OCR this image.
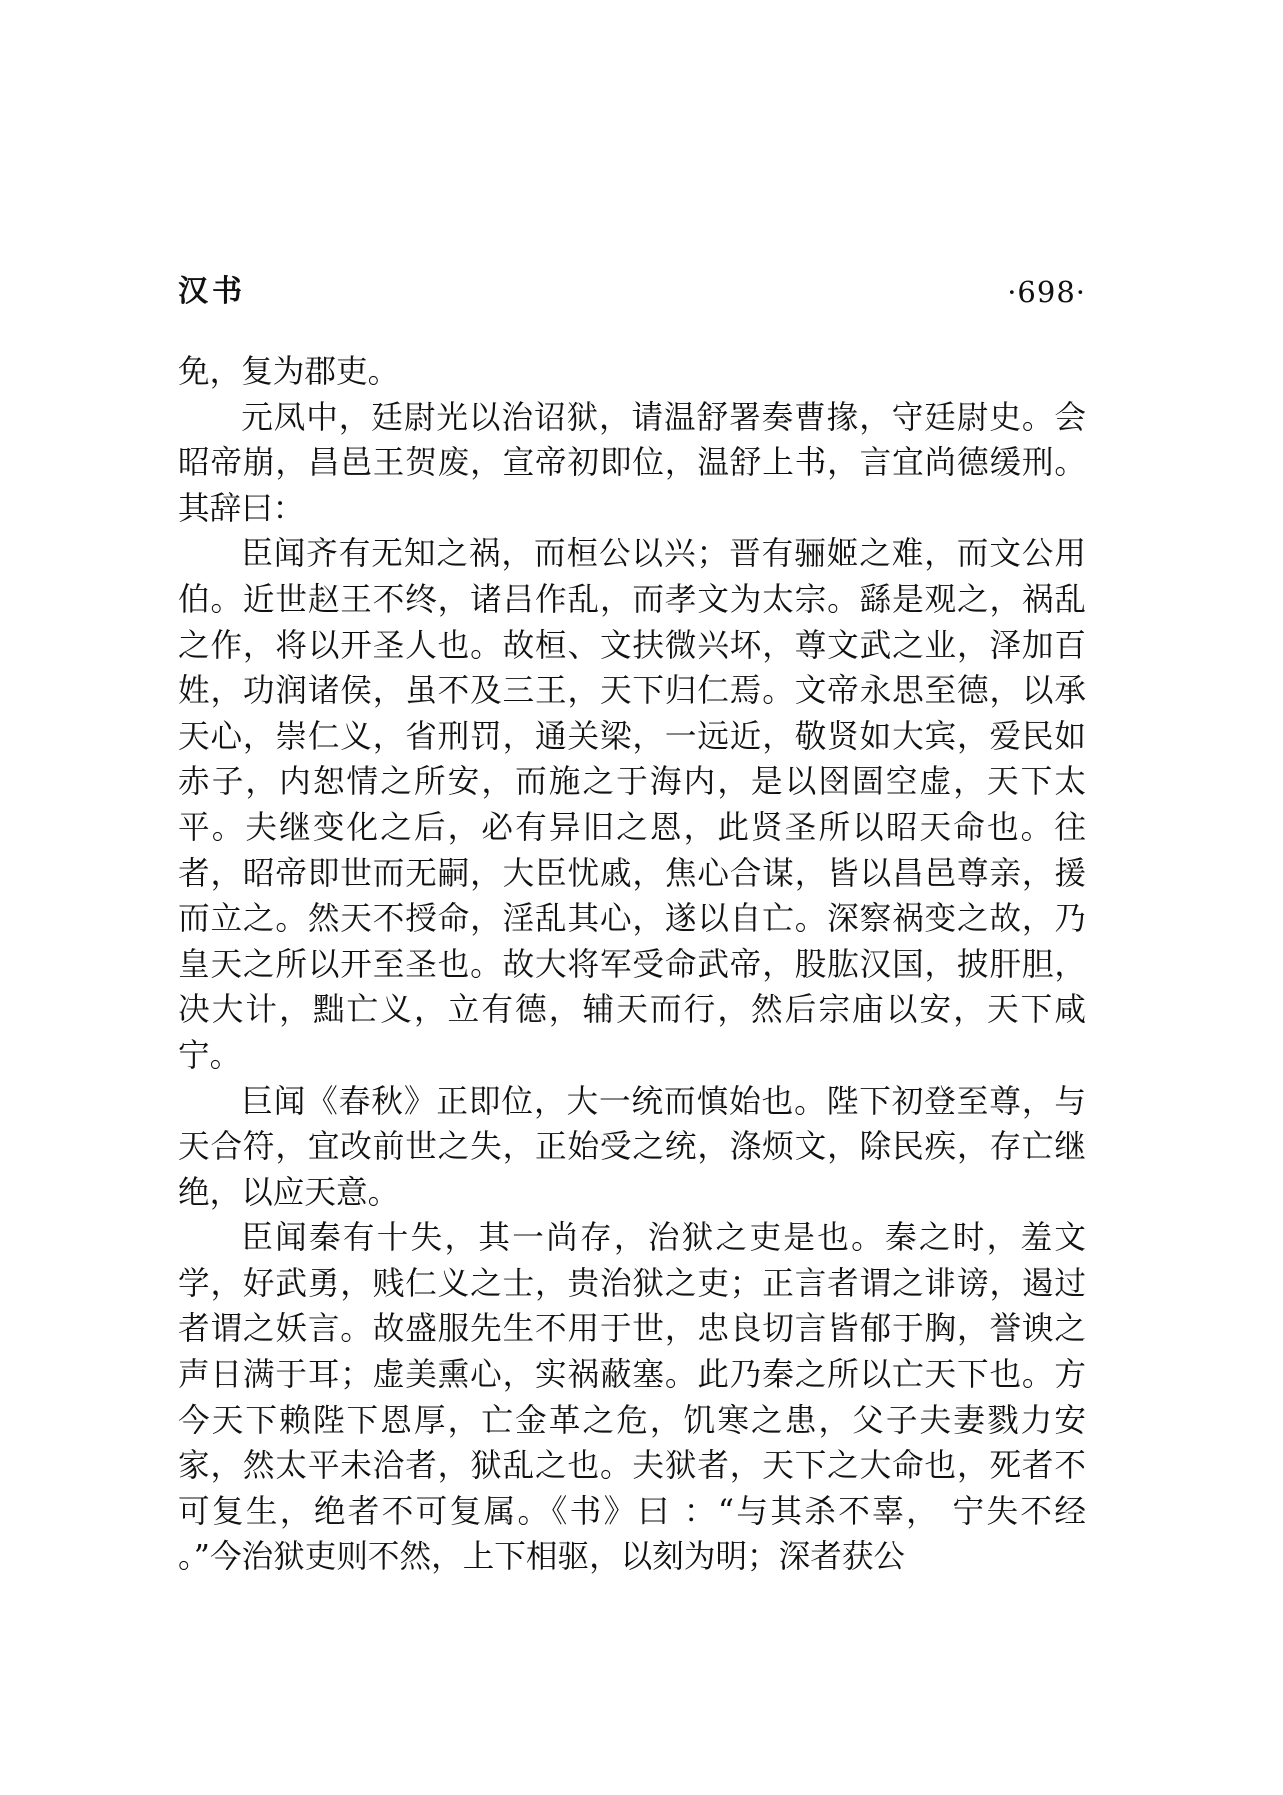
汉书	·698·

免，复为郡吏。

元凤中，廷尉光以治诏狱，请温舒署奏曹掾，守廷尉史。会昭帝崩，昌邑王贺废，宣帝初即位，温舒上书，言宜尚德缓刑。其辞曰：

臣闻齐有无知之祸，而桓公以兴；晋有骊姬之难，而文公用伯。近世赵王不终，诸吕作乱，而孝文为太宗。繇是观之，祸乱之作，将以开圣人也。故桓、文扶微兴坏，尊文武之业，泽加百姓，功润诸侯，虽不及三王，天下归仁焉。文帝永思至德，以承天心，崇仁义，省刑罚，通关梁，一远近，敬贤如大宾，爱民如赤子，内恕情之所安，而施之于海内，是以囹圄空虚，天下太平。夫继变化之后，必有异旧之恩，此贤圣所以昭天命也。往者，昭帝即世而无嗣，大臣忧戚，焦心合谋，皆以昌邑尊亲，援而立之。然天不授命，淫乱其心，遂以自亡。深察祸变之故，乃皇天之所以开至圣也。故大将军受命武帝，股肱汉国，披肝胆，决大计，黜亡义，立有德，辅天而行，然后宗庙以安，天下咸宁。

巨闻《春秋》正即位，大一统而慎始也。陛下初登至尊，与天合符，宜改前世之失，正始受之统，涤烦文，除民疾，存亡继绝，以应天意。

臣闻秦有十失，其一尚存，治狱之吏是也。秦之时，羞文学，好武勇，贱仁义之士，贵治狱之吏；正言者谓之诽谤，遏过者谓之妖言。故盛服先生不用于世，忠良切言皆郁于胸，誉谀之声日满于耳；虚美熏心，实祸蔽塞。此乃秦之所以亡天下也。方今天下赖陛下恩厚，亡金革之危，饥寒之患，父子夫妻戮力安家，然太平未洽者，狱乱之也。夫狱者，天下之大命也，死者不可复生，绝者不可复属。《书》曰 ：“与其杀不辜， 宁失不经 。”今治狱吏则不然，上下相驱，以刻为明；深者获公
